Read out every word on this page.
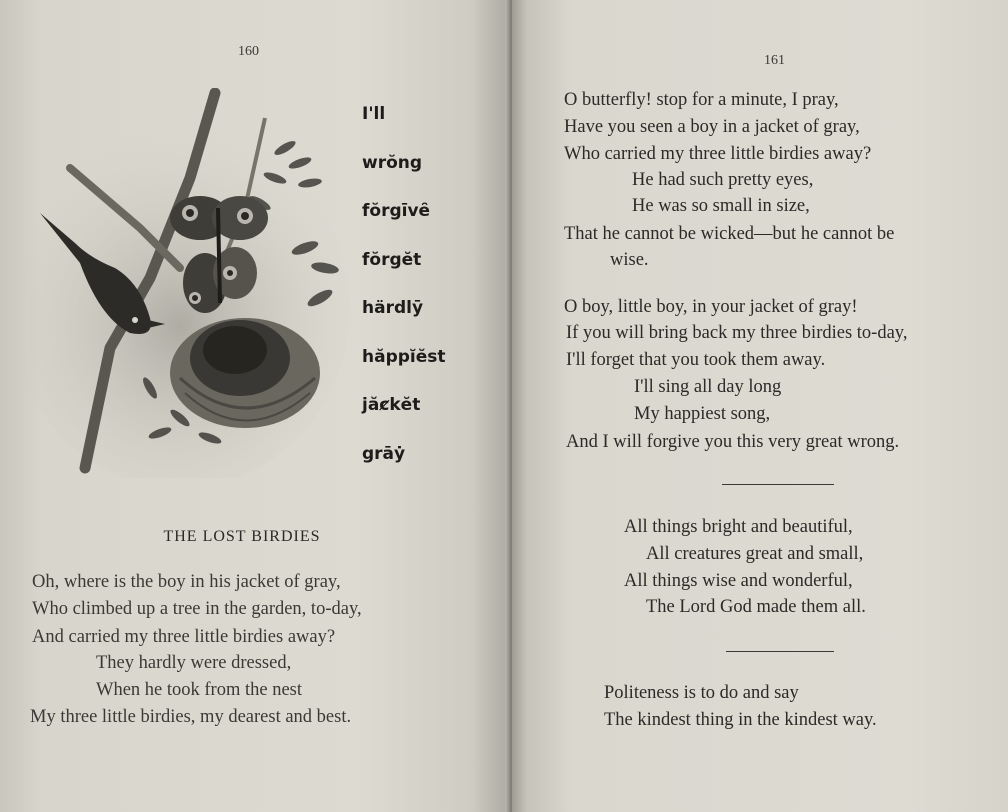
160
I'll
wrŏng
fŏrgīvȇ
fŏrgĕt
härdlȳ
hăppĭĕst
jăȼkĕt
grāẏ
THE LOST BIRDIES
Oh, where is the boy in his jacket of gray,
Who climbed up a tree in the garden, to-day,
And carried my three little birdies away?
They hardly were dressed,
When he took from the nest
My three little birdies, my dearest and best.
161
O butterfly! stop for a minute, I pray,
Have you seen a boy in a jacket of gray,
Who carried my three little birdies away?
He had such pretty eyes,
He was so small in size,
That he cannot be wicked—but he cannot be
wise.
O boy, little boy, in your jacket of gray!
If you will bring back my three birdies to-day,
I'll forget that you took them away.
I'll sing all day long
My happiest song,
And I will forgive you this very great wrong.
All things bright and beautiful,
All creatures great and small,
All things wise and wonderful,
The Lord God made them all.
Politeness is to do and say
The kindest thing in the kindest way.
